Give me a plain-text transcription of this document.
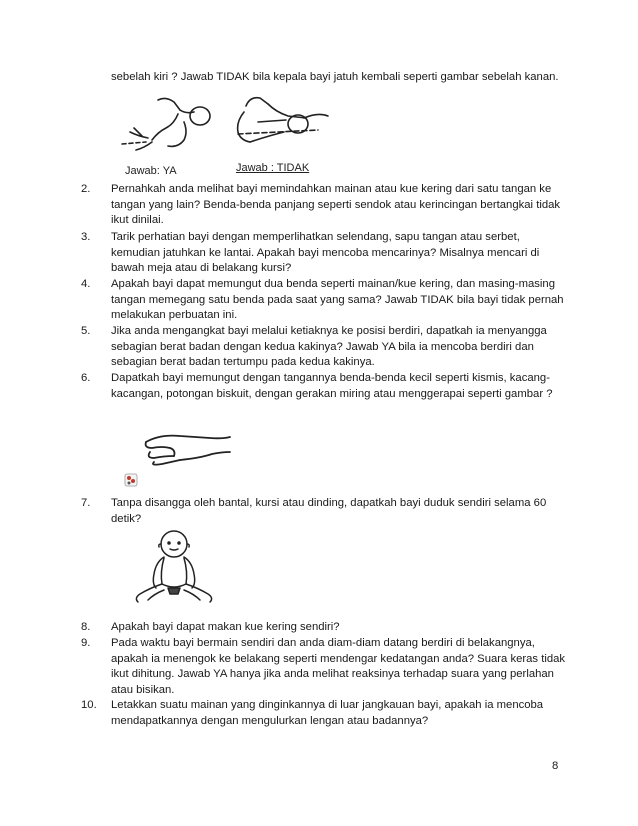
sebelah kiri ? Jawab TIDAK bila kepala bayi jatuh kembali seperti gambar sebelah kanan.
Jawab: YA	Jawab : TIDAK
2.	Pernahkah anda melihat bayi memindahkan mainan atau kue kering dari satu tangan ke tangan yang lain? Benda-benda panjang seperti sendok atau kerincingan bertangkai tidak ikut dinilai.
3.	Tarik perhatian bayi dengan memperlihatkan selendang, sapu tangan atau serbet, kemudian jatuhkan ke lantai. Apakah bayi mencoba mencarinya? Misalnya mencari di bawah meja atau di belakang kursi?
4.	Apakah bayi dapat memungut dua benda seperti mainan/kue kering, dan masing-masing tangan memegang satu benda pada saat yang sama? Jawab TIDAK bila bayi tidak pernah melakukan perbuatan ini.
5.	Jika anda mengangkat bayi melalui ketiaknya ke posisi berdiri, dapatkah ia menyangga sebagian berat badan dengan kedua kakinya? Jawab YA bila ia mencoba berdiri dan sebagian berat badan tertumpu pada kedua kakinya.
6.	Dapatkah bayi memungut dengan tangannya benda-benda kecil seperti kismis, kacang-kacangan, potongan biskuit, dengan gerakan miring atau menggerapai seperti gambar ?
7.	Tanpa disangga oleh bantal, kursi atau dinding, dapatkah bayi duduk sendiri selama 60 detik?
8.	Apakah bayi dapat makan kue kering sendiri?
9.	Pada waktu bayi bermain sendiri dan anda diam-diam datang berdiri di belakangnya, apakah ia menengok ke belakang seperti mendengar kedatangan anda? Suara keras tidak ikut dihitung. Jawab YA hanya jika anda melihat reaksinya terhadap suara yang perlahan atau bisikan.
10.	Letakkan suatu mainan yang dinginkannya di luar jangkauan bayi, apakah ia mencoba mendapatkannya dengan mengulurkan lengan atau badannya?
8
